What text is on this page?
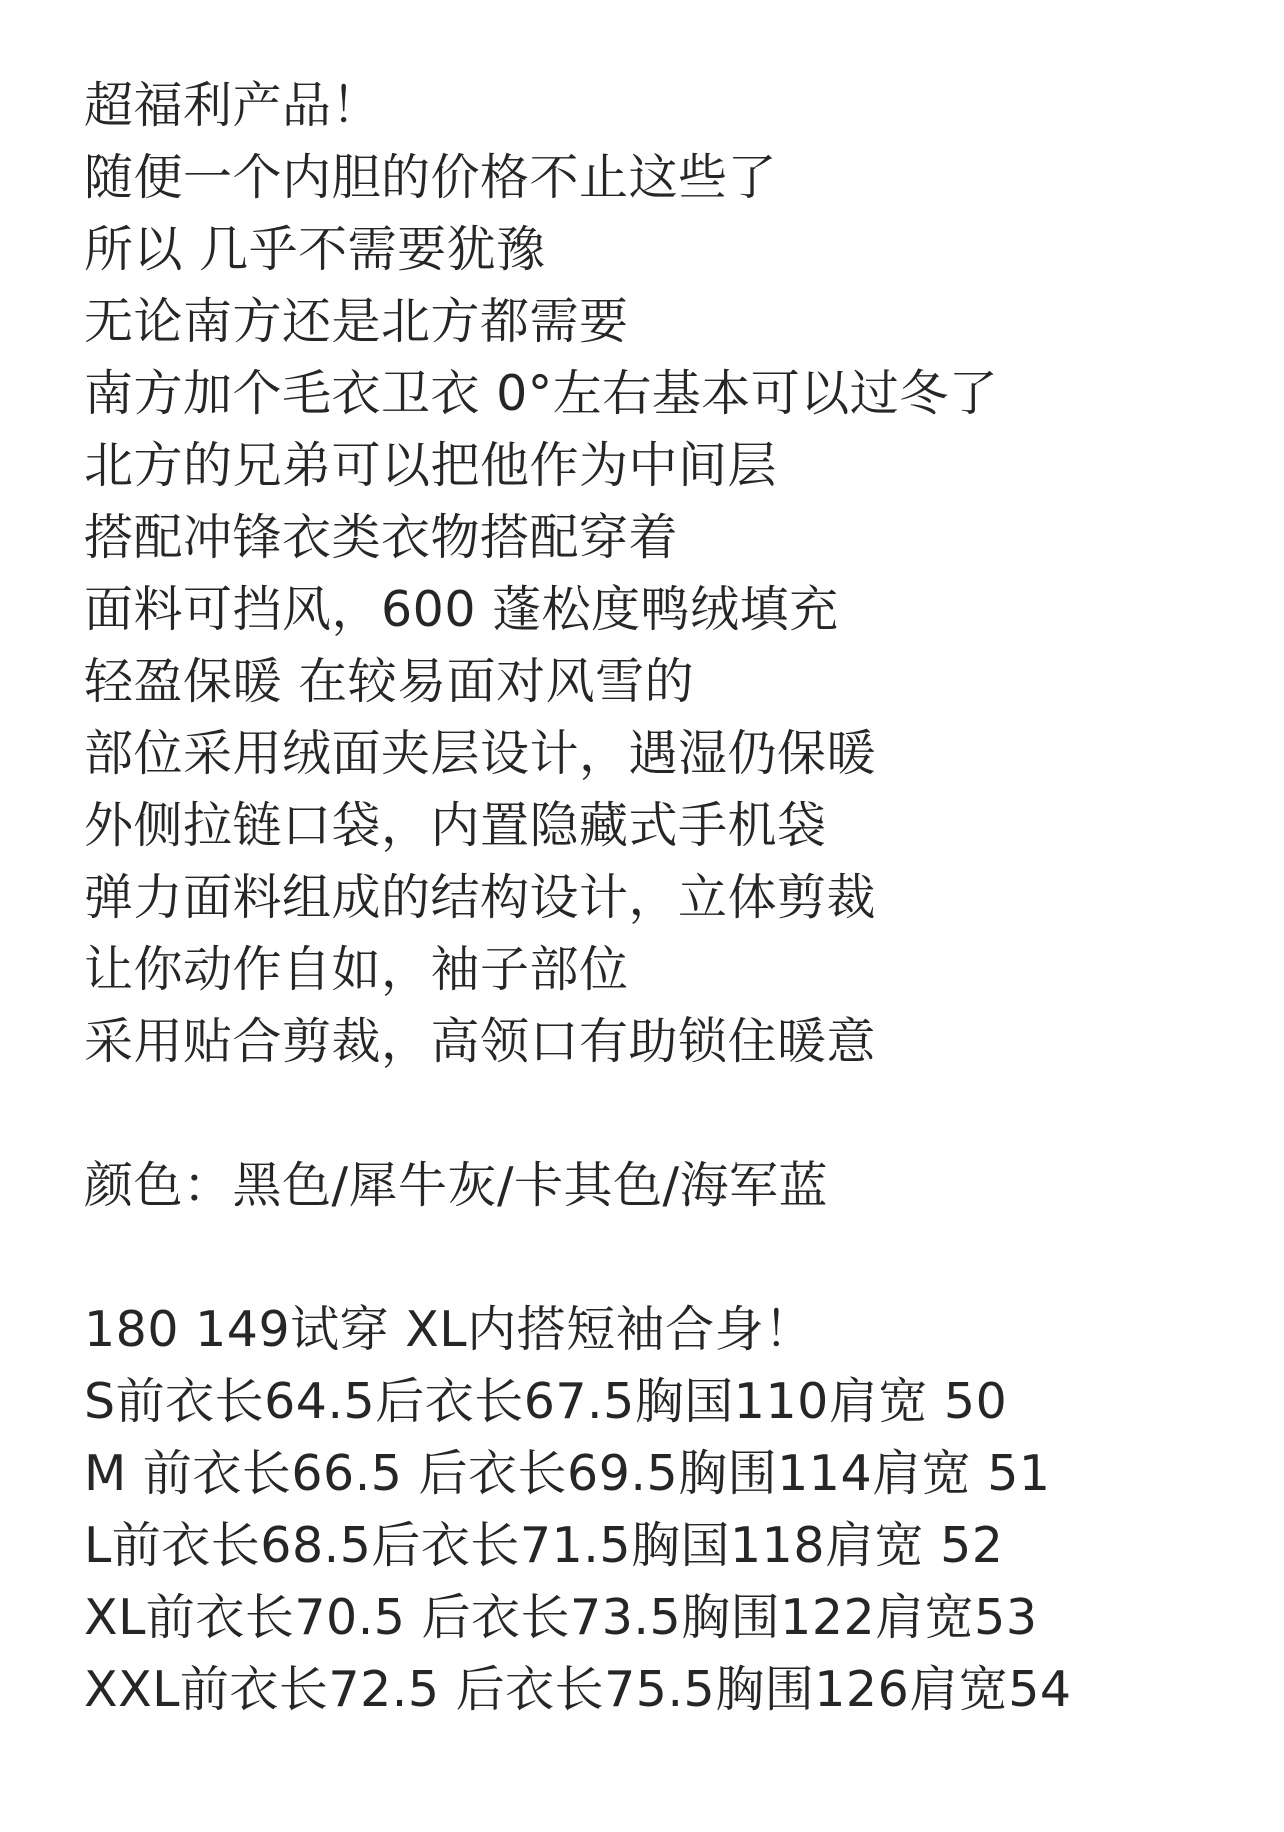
超福利产品！
随便一个内胆的价格不止这些了
所以 几乎不需要犹豫
无论南方还是北方都需要
南方加个毛衣卫衣 0°左右基本可以过冬了
北方的兄弟可以把他作为中间层
搭配冲锋衣类衣物搭配穿着
面料可挡风，600 蓬松度鸭绒填充
轻盈保暖 在较易面对风雪的
部位采用绒面夹层设计，遇湿仍保暖
外侧拉链口袋，内置隐藏式手机袋
弹力面料组成的结构设计，立体剪裁
让你动作自如，袖子部位
采用贴合剪裁，高领口有助锁住暖意
颜色：黑色/犀牛灰/卡其色/海军蓝
180 149试穿 XL内搭短袖合身！
S前衣长64.5后衣长67.5胸国110肩宽 50
M 前衣长66.5 后衣长69.5胸围114肩宽 51
L前衣长68.5后衣长71.5胸国118肩宽 52
XL前衣长70.5 后衣长73.5胸围122肩宽53
XXL前衣长72.5 后衣长75.5胸围126肩宽54
